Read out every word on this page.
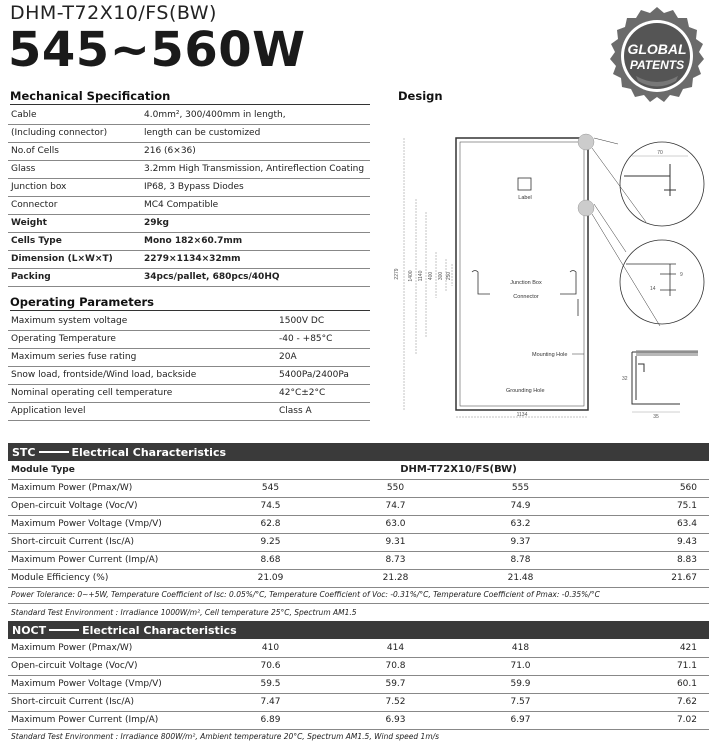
DHM-T72X10/FS(BW)
545~560W	GLOBAL
PATENTS
Mechanical Specification
Cable	4.0mm², 300/400mm in length,
(Including connector)	length can be customized
No.of Cells	216 (6×36)
Glass	3.2mm High Transmission, Antireflection Coating
Junction box	IP68, 3 Bypass Diodes
Connector	MC4 Compatible
Weight	29kg
Cells Type	Mono 182×60.7mm
Dimension (L×W×T)	2279×1134×32mm
Packing	34pcs/pallet, 680pcs/40HQ
Design
Label
Junction Box
Connector
Mounting Hole
Grounding Hole
2279 1400 1140 400 300 250
1134
70
9
14
32
35
Operating Parameters
Maximum system voltage	1500V DC
Operating Temperature	-40 - +85°C
Maximum series fuse rating	20A
Snow load, frontside/Wind load, backside	5400Pa/2400Pa
Nominal operating cell temperature	42°C±2°C
Application level	Class A
STC	Electrical Characteristics
Module Type	DHM-T72X10/FS(BW)			
Maximum Power (Pmax/W)	545	550	555	560
Open-circuit Voltage (Voc/V)	74.5	74.7	74.9	75.1
Maximum Power Voltage (Vmp/V)	62.8	63.0	63.2	63.4
Short-circuit Current (Isc/A)	9.25	9.31	9.37	9.43
Maximum Power Current (Imp/A)	8.68	8.73	8.78	8.83
Module Efficiency (%)	21.09	21.28	21.48	21.67
Power Tolerance: 0~+5W, Temperature Coefficient of Isc: 0.05%/°C, Temperature Coefficient of Voc: -0.31%/°C, Temperature Coefficient of Pmax: -0.35%/°C
Standard Test Environment : Irradiance 1000W/m², Cell temperature 25°C, Spectrum AM1.5
NOCT	Electrical Characteristics
Maximum Power (Pmax/W)	410	414	418	421
Open-circuit Voltage (Voc/V)	70.6	70.8	71.0	71.1
Maximum Power Voltage (Vmp/V)	59.5	59.7	59.9	60.1
Short-circuit Current (Isc/A)	7.47	7.52	7.57	7.62
Maximum Power Current (Imp/A)	6.89	6.93	6.97	7.02
Standard Test Environment : Irradiance 800W/m², Ambient temperature 20°C, Spectrum AM1.5, Wind speed 1m/s
